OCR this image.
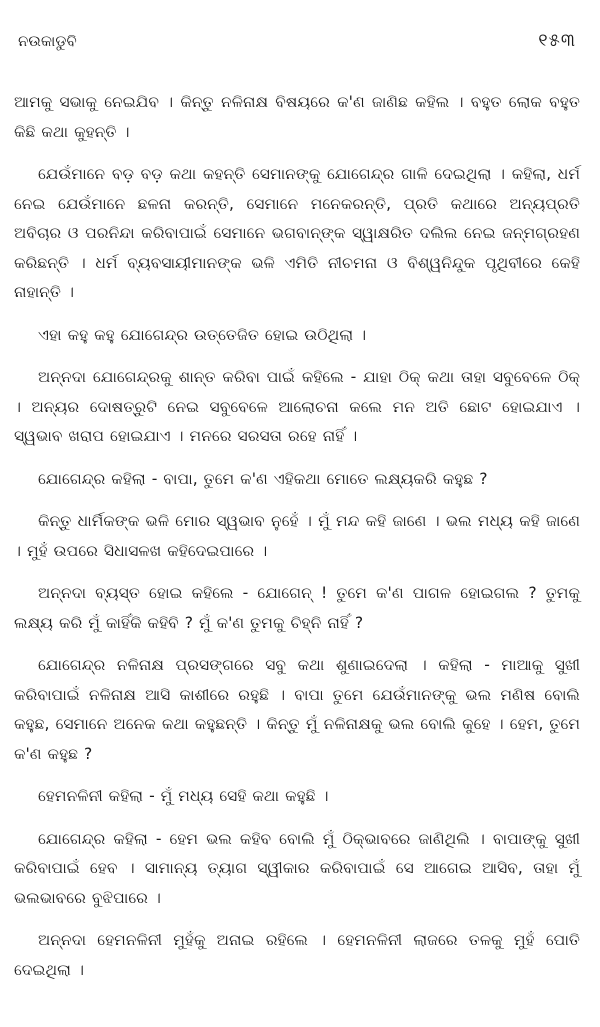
ନଉକାଡୁବି	୧୫୩

ଆମକୁ ସଭାକୁ ନେଇଯିବ । କିନ୍ତୁ ନଳିନାକ୍ଷ ବିଷୟରେ କ'ଣ ଜାଣିଛ କହିଲ । ବହୁତ ଲୋକ ବହୁତ କିଛି କଥା କୁହନ୍ତି ।

ଯେଉଁମାନେ ବଡ଼ ବଡ଼ କଥା କହନ୍ତି ସେମାନଙ୍କୁ ଯୋଗେନ୍ଦ୍ର ଗାଳି ଦେଇଥିଲା । କହିଲା, ଧର୍ମ ନେଇ ଯେଉଁମାନେ ଛଳନା କରନ୍ତି, ସେମାନେ ମନେକରନ୍ତି, ପ୍ରତି କଥାରେ ଅନ୍ୟପ୍ରତି ଅବିଚାର ଓ ପରନିନ୍ଦା କରିବାପାଇଁ ସେମାନେ ଭଗବାନ୍‌ଙ୍କ ସ୍ୱାକ୍ଷରିତ ଦଲିଲ ନେଇ ଜନ୍ମଗ୍ରହଣ କରିଛନ୍ତି । ଧର୍ମ ବ୍ୟବସାୟୀମାନଙ୍କ ଭଳି ଏମିତି ନୀଚମନା ଓ ବିଶ୍ୱନିନ୍ଦୁକ ପୃଥିବୀରେ କେହି ନାହାନ୍ତି ।

ଏହା କହୁ କହୁ ଯୋଗେନ୍ଦ୍ର ଉତ୍ତେଜିତ ହୋଇ ଉଠିଥିଲା ।

ଅନ୍ନଦା ଯୋଗେନ୍ଦ୍ରକୁ ଶାନ୍ତ କରିବା ପାଇଁ କହିଲେ - ଯାହା ଠିକ୍ କଥା ତାହା ସବୁବେଳେ ଠିକ୍ । ଅନ୍ୟର ଦୋଷତ୍ରୁଟି ନେଇ ସବୁବେଳେ ଆଲୋଚନା କଲେ ମନ ଅତି ଛୋଟ ହୋଇଯାଏ । ସ୍ୱଭାବ ଖରାପ ହୋଇଯାଏ । ମନରେ ସରସତା ରହେ ନାହିଁ ।

ଯୋଗେନ୍ଦ୍ର କହିଲା - ବାପା, ତୁମେ କ'ଣ ଏହିକଥା ମୋତେ ଲକ୍ଷ୍ୟକରି କହୁଛ ?

କିନ୍ତୁ ଧାର୍ମିକଙ୍କ ଭଳି ମୋର ସ୍ୱଭାବ ନୁହେଁ । ମୁଁ ମନ୍ଦ କହି ଜାଣେ । ଭଲ ମଧ୍ୟ କହି ଜାଣେ । ମୁହଁ ଉପରେ ସିଧାସଳଖ କହିଦେଇପାରେ ।

ଅନ୍ନଦା ବ୍ୟସ୍ତ ହୋଇ କହିଲେ - ଯୋଗେନ୍ ! ତୁମେ କ'ଣ ପାଗଳ ହୋଇଗଲ ? ତୁମକୁ ଲକ୍ଷ୍ୟ କରି ମୁଁ କାହିଁକି କହିବି ? ମୁଁ କ'ଣ ତୁମକୁ ଚିହ୍ନି ନାହିଁ ?

ଯୋଗେନ୍ଦ୍ର ନଳିନାକ୍ଷ ପ୍ରସଙ୍ଗରେ ସବୁ କଥା ଶୁଣାଇଦେଲା । କହିଲା - ମାଆକୁ ସୁଖୀ କରିବାପାଇଁ ନଳିନାକ୍ଷ ଆସି କାଶୀରେ ରହୁଛି । ବାପା ତୁମେ ଯେଉଁମାନଙ୍କୁ ଭଲ ମଣିଷ ବୋଲି କହୁଛ, ସେମାନେ ଅନେକ କଥା କହୁଛନ୍ତି । କିନ୍ତୁ ମୁଁ ନଳିନାକ୍ଷକୁ ଭଲ ବୋଲି କୁହେ । ହେମ, ତୁମେ କ'ଣ କହୁଛ ?

ହେମନଳିନୀ କହିଲା - ମୁଁ ମଧ୍ୟ ସେହି କଥା କହୁଛି ।

ଯୋଗେନ୍ଦ୍ର କହିଲା - ହେମ ଭଲ କହିବ ବୋଲି ମୁଁ ଠିକ୍‌ଭାବରେ ଜାଣିଥିଲି । ବାପାଙ୍କୁ ସୁଖୀ କରିବାପାଇଁ ହେବ । ସାମାନ୍ୟ ତ୍ୟାଗ ସ୍ୱୀକାର କରିବାପାଇଁ ସେ ଆଗେଇ ଆସିବ, ତାହା ମୁଁ ଭଲଭାବରେ ବୁଝିପାରେ ।

ଅନ୍ନଦା ହେମନଳିନୀ ମୁହଁକୁ ଅନାଇ ରହିଲେ । ହେମନଳିନୀ ଲାଜରେ ତଳକୁ ମୁହଁ ପୋତି ଦେଇଥିଲା ।
